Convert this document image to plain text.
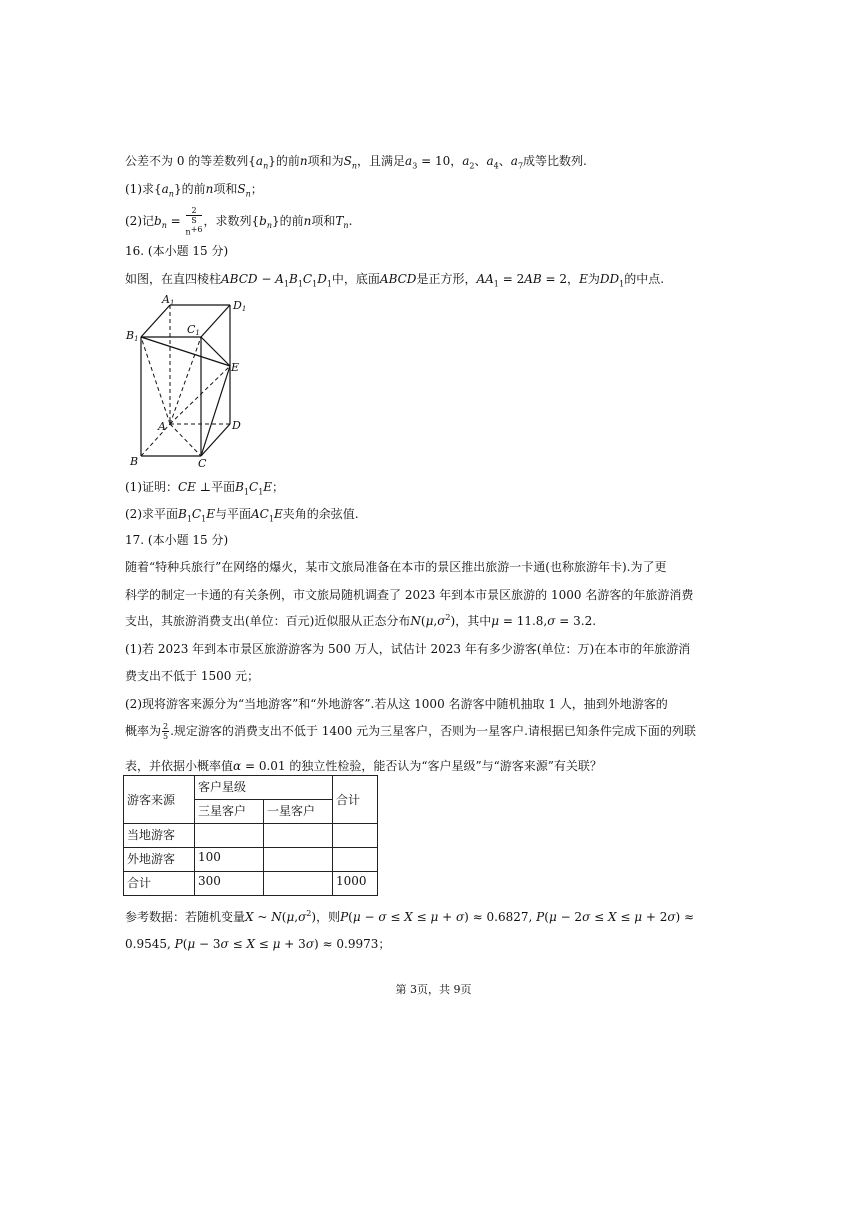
公差不为 0 的等差数列$\{a_n\}$的前n项和为$S_n$，且满足$a_3 = 10$，$a_2$、$a_4$、$a_7$成等比数列.
(1)求$\{a_n\}$的前n项和$S_n$；
(2)记$b_n = 2$
S
$_n$+6 ，求数列$\{b_n\}$的前n项和$T_n$.
16. (本小题 15 分)
如图，在直四棱柱ABCD − $A_1B_1C_1D_1$中，底面ABCD是正方形，$AA_1 = 2AB = 2$，E为$DD_1$的中点.
A1	D1
B1
C1
E
A	D
B	C
(1)证明：CE ⊥平面$B_1C_1E$；
(2)求平面$B_1C_1E$与平面$AC_1E$夹角的余弦值.
17. (本小题 15 分)
随着“特种兵旅行”在网络的爆火，某市文旅局准备在本市的景区推出旅游一卡通(也称旅游年卡).为了更
科学的制定一卡通的有关条例，市文旅局随机调查了 2023 年到本市景区旅游的 1000 名游客的年旅游消费
支出，其旅游消费支出(单位：百元)近似服从正态分布$N(\mu,\sigma^2)$，其中μ = 11.8,σ = 3.2.
(1)若 2023 年到本市景区旅游游客为 500 万人，试估计 2023 年有多少游客(单位：万)在本市的年旅游消
费支出不低于 1500 元；
(2)现将游客来源分为“当地游客”和“外地游客”.若从这 1000 名游客中随机抽取 1 人，抽到外地游客的
概率为 $\frac{2}{5}$ .规定游客的消费支出不低于 1400 元为三星客户，否则为一星客户.请根据已知条件完成下面的列联
表，并依据小概率值α = 0.01 的独立性检验，能否认为“客户星级”与“游客来源”有关联？
游客来源	客户星级		合计
	三星客户	一星客户	
当地游客			
外地游客	100		
合计	300		1000
参考数据：若随机变量X ~ $N(\mu,\sigma^2)$，则P(μ − σ ≤ X ≤ μ + σ) ≈ 0.6827, P(μ − 2σ ≤ X ≤ μ + 2σ) ≈
0.9545, P(μ − 3σ ≤ X ≤ μ + 3σ) ≈ 0.9973；
第 3页，共 9页
